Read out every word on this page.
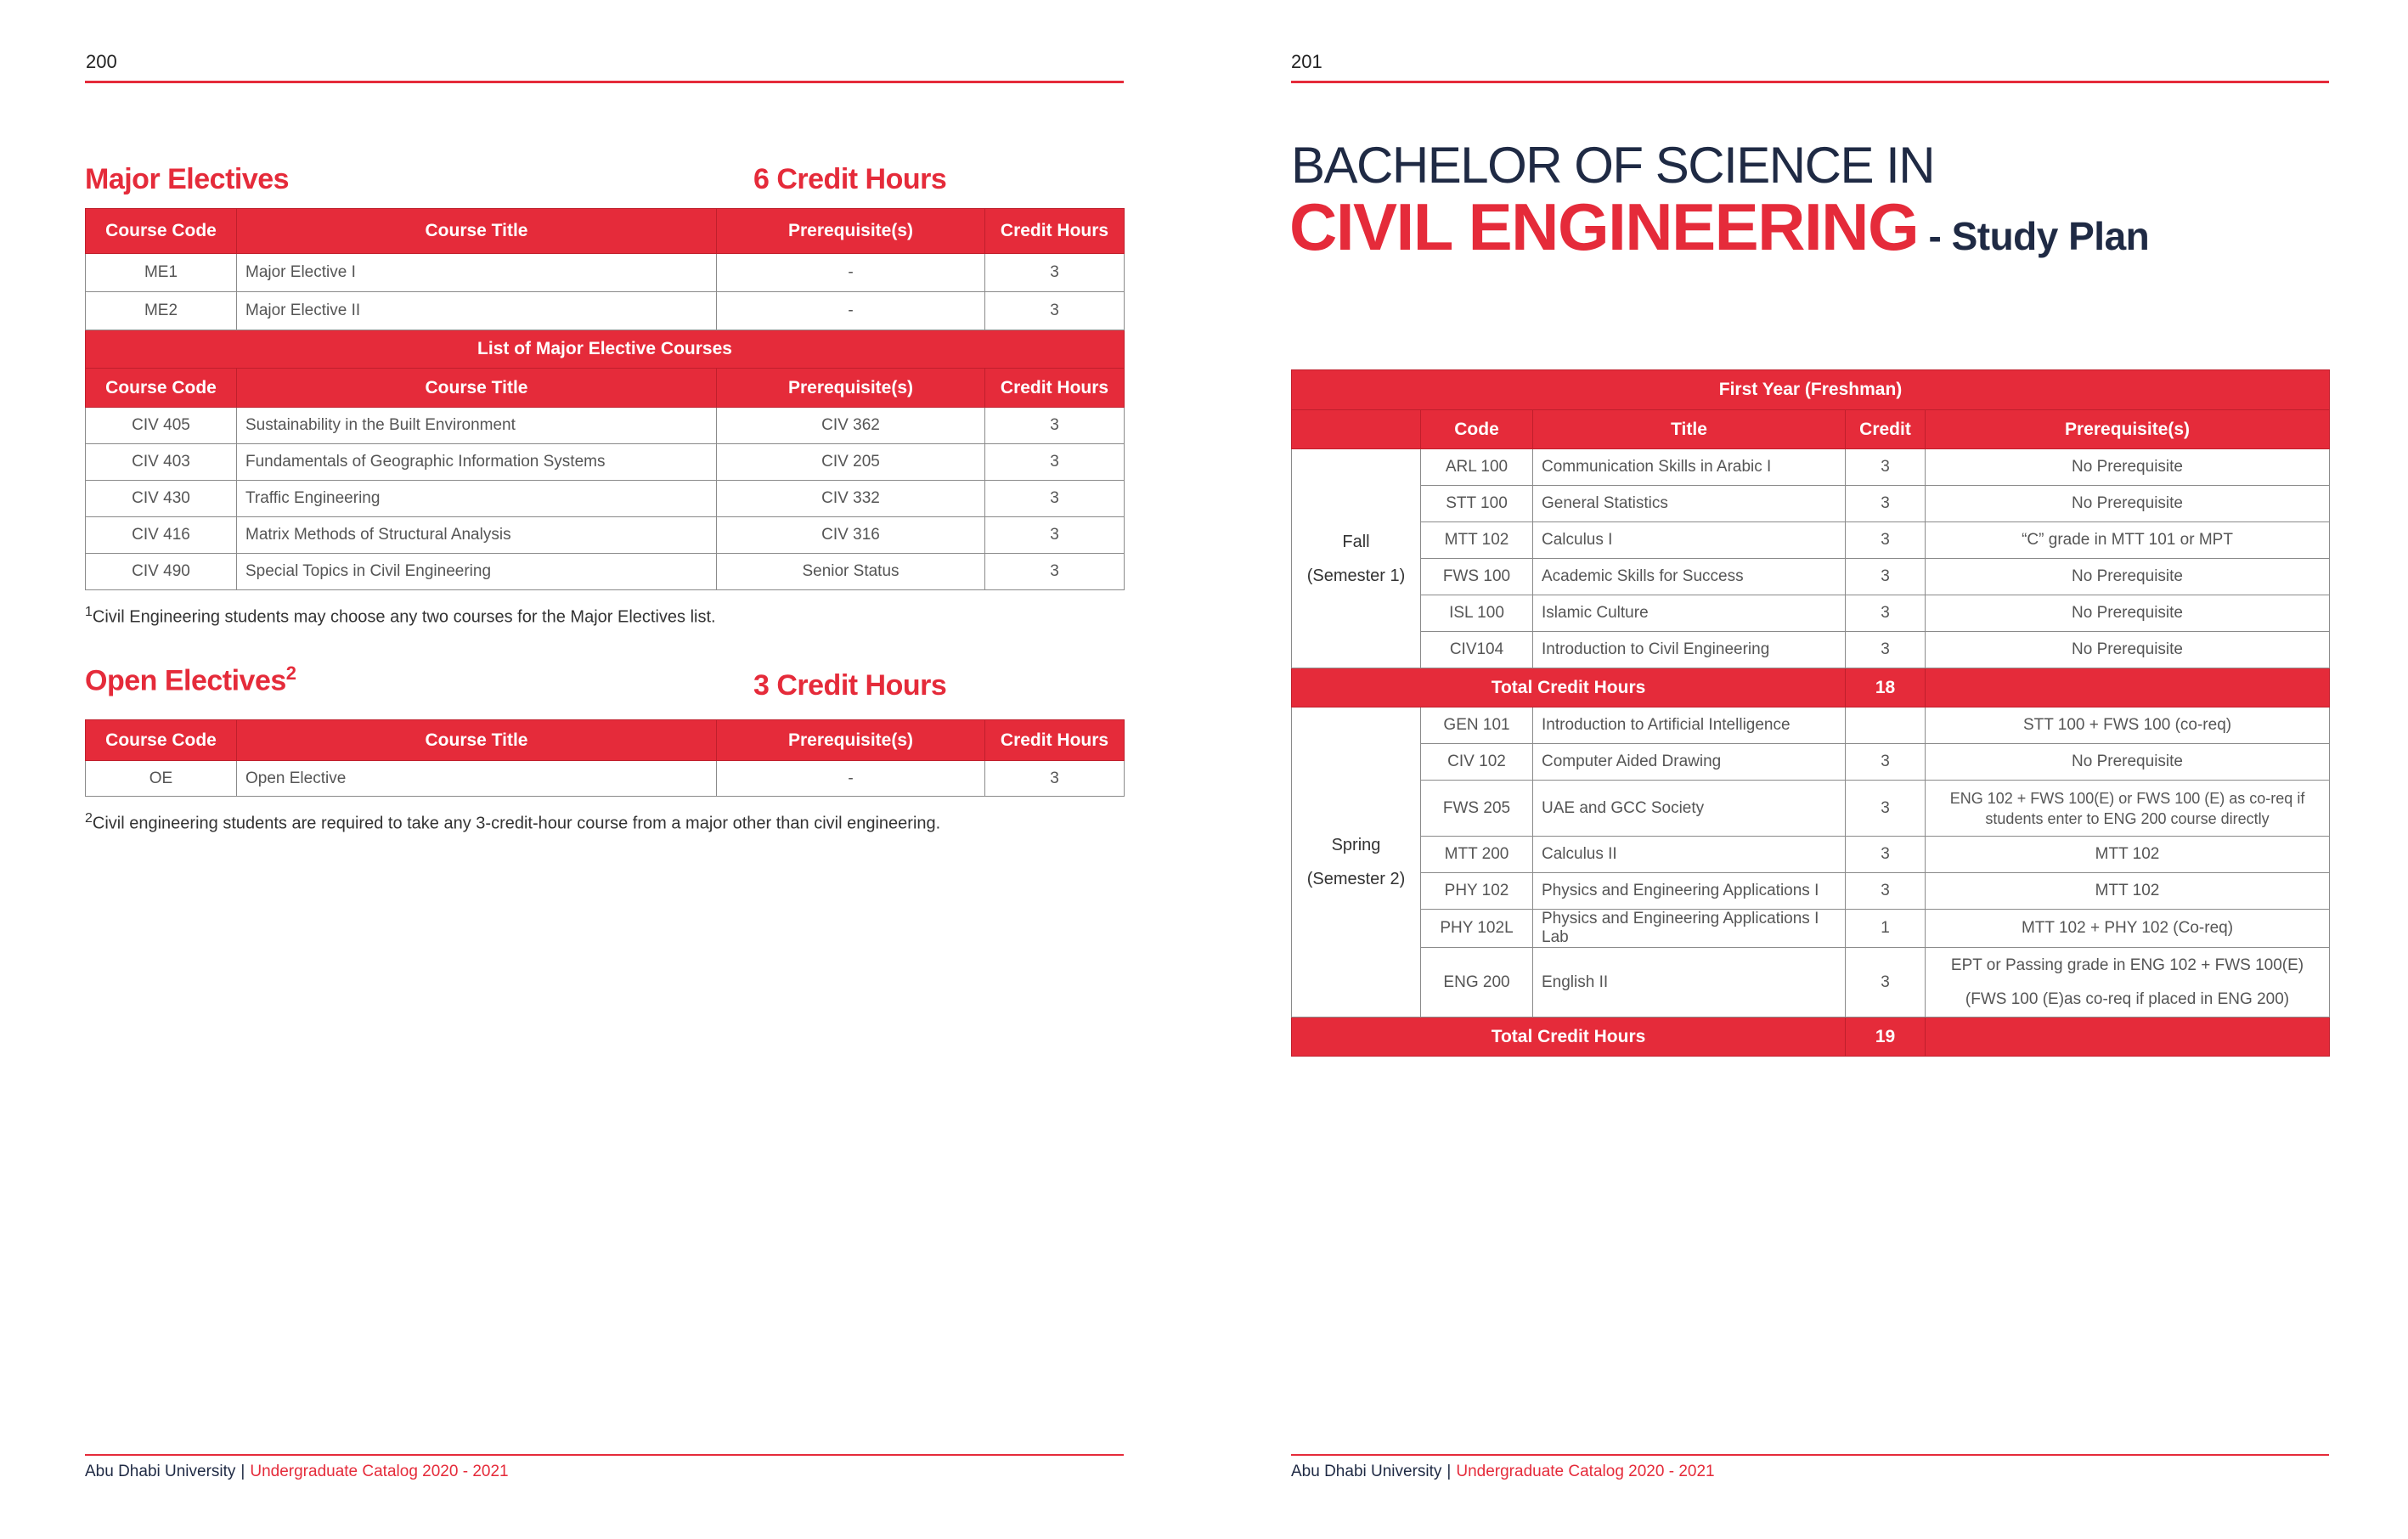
200
Major Electives	6 Credit Hours
Course Code	Course Title	Prerequisite(s)	Credit Hours
ME1	Major Elective I	-	3
ME2	Major Elective II	-	3
List of Major Elective Courses			
Course Code	Course Title	Prerequisite(s)	Credit Hours
CIV 405	Sustainability in the Built Environment	CIV 362	3
CIV 403	Fundamentals of Geographic Information Systems	CIV 205	3
CIV 430	Traffic Engineering	CIV 332	3
CIV 416	Matrix Methods of Structural Analysis	CIV 316	3
CIV 490	Special Topics in Civil Engineering	Senior Status	3
$^1$Civil Engineering students may choose any two courses for the Major Electives list.
Open Electives$^2$	3 Credit Hours
Course Code	Course Title	Prerequisite(s)	Credit Hours
OE	Open Elective	-	3
$^2$Civil engineering students are required to take any 3-credit-hour course from a major other than civil engineering.
Abu Dhabi University | Undergraduate Catalog 2020 - 2021
201
BACHELOR OF SCIENCE IN
CIVIL ENGINEERING - Study Plan
First Year (Freshman)				
	Code	Title	Credit	Prerequisite(s)

Fall
(Semester 1)	ARL 100	Communication Skills in Arabic I	3	No Prerequisite
	STT 100	General Statistics	3	No Prerequisite
	MTT 102	Calculus I	3	“C” grade in MTT 101 or MPT
	FWS 100	Academic Skills for Success	3	No Prerequisite
	ISL 100	Islamic Culture	3	No Prerequisite
	CIV104	Introduction to Civil Engineering	3	No Prerequisite
Total Credit Hours			18	

Spring
(Semester 2)	GEN 101	Introduction to Artificial Intelligence		STT 100 + FWS 100 (co-req)
	CIV 102	Computer Aided Drawing	3	No Prerequisite
	FWS 205	UAE and GCC Society	3	ENG 102 + FWS 100(E) or FWS 100 (E) as co-req if students enter to ENG 200 course directly
	MTT 200	Calculus II	3	MTT 102
	PHY 102	Physics and Engineering Applications I	3	MTT 102
	PHY 102L	Physics and Engineering Applications I Lab	1	MTT 102 + PHY 102 (Co-req)
	ENG 200	English II	3	EPT or Passing grade in ENG 102 + FWS 100(E)
(FWS 100 (E)as co-req if placed in ENG 200)

Total Credit Hours			19	
Abu Dhabi University | Undergraduate Catalog 2020 - 2021
